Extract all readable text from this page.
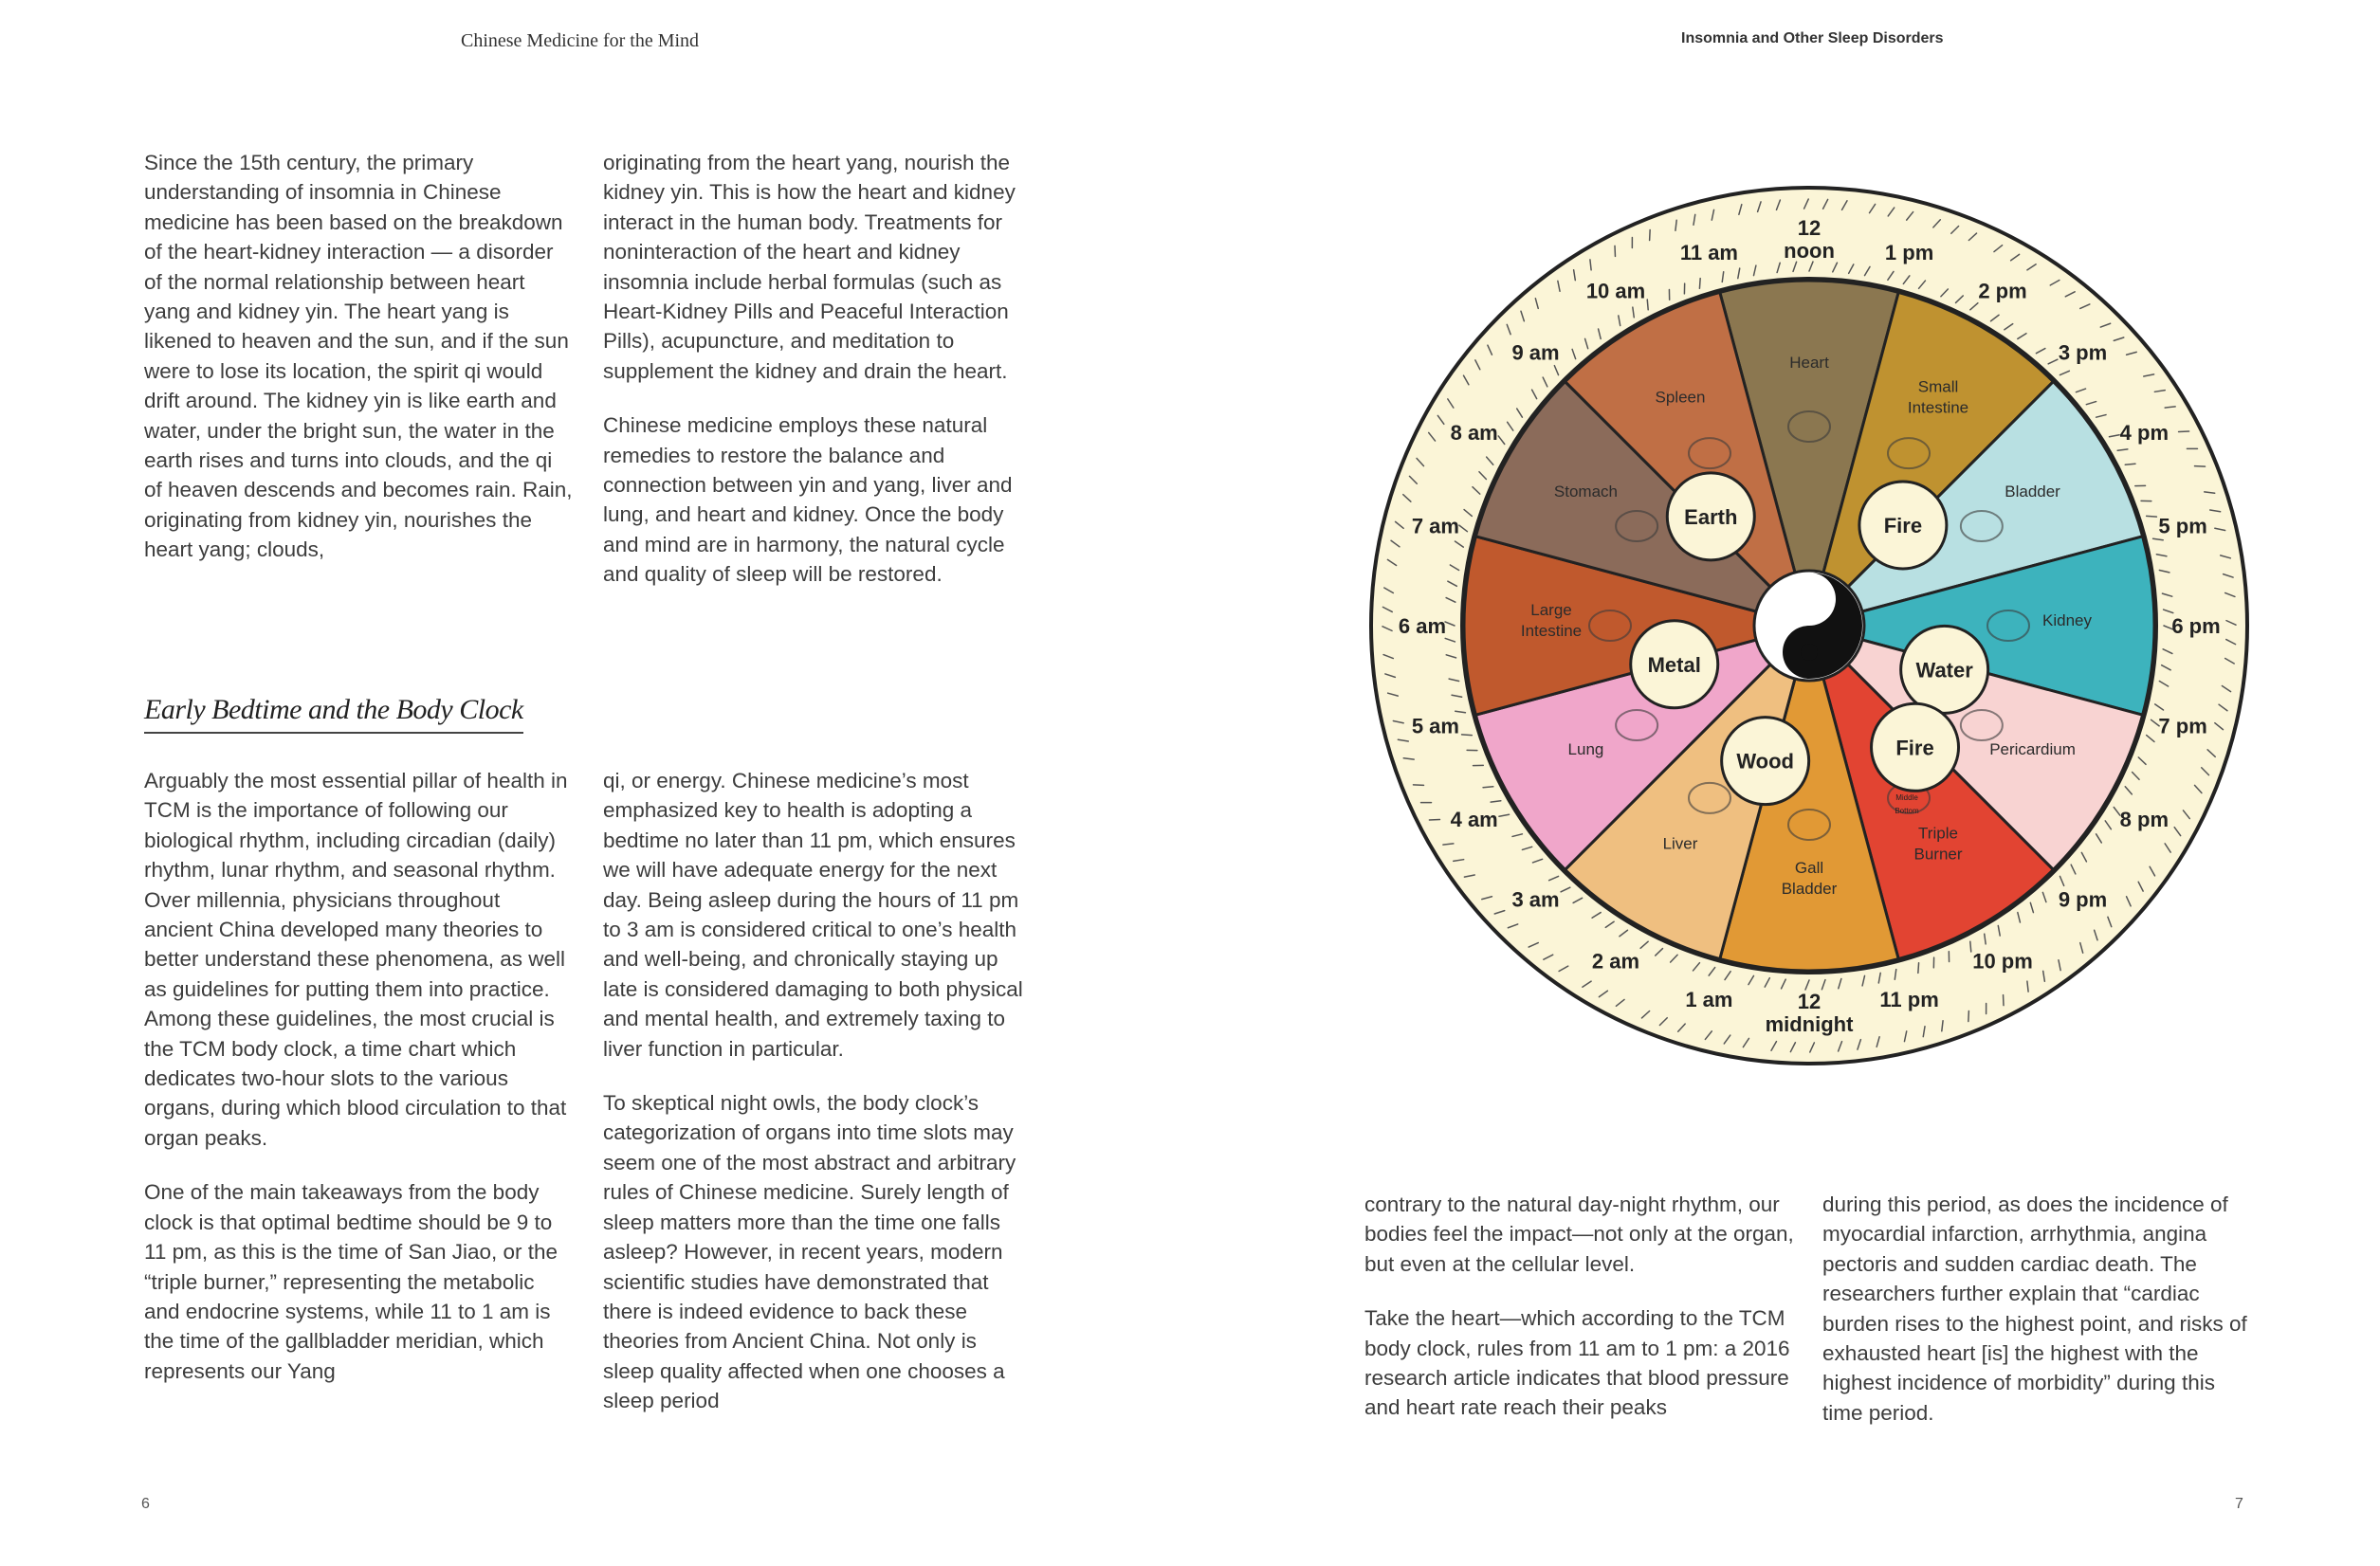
Chinese Medicine for the Mind

Since the 15th century, the primary understanding of insomnia in Chinese medicine has been based on the breakdown of the heart-kidney interaction — a disorder of the normal relationship between heart yang and kidney yin. The heart yang is likened to heaven and the sun, and if the sun were to lose its location, the spirit qi would drift around. The kidney yin is like earth and water, under the bright sun, the water in the earth rises and turns into clouds, and the qi of heaven descends and becomes rain. Rain, originating from kidney yin, nourishes the heart yang; clouds,

originating from the heart yang, nourish the kidney yin. This is how the heart and kidney interact in the human body. Treatments for noninteraction of the heart and kidney insomnia include herbal formulas (such as Heart-Kidney Pills and Peaceful Interaction Pills), acupuncture, and meditation to supplement the kidney and drain the heart.

Chinese medicine employs these natural remedies to restore the balance and connection between yin and yang, liver and lung, and heart and kidney. Once the body and mind are in harmony, the natural cycle and quality of sleep will be restored.

Early Bedtime and the Body Clock

Arguably the most essential pillar of health in TCM is the importance of following our biological rhythm, including circadian (daily) rhythm, lunar rhythm, and seasonal rhythm. Over millennia, physicians throughout ancient China developed many theories to better understand these phenomena, as well as guidelines for putting them into practice. Among these guidelines, the most crucial is the TCM body clock, a time chart which dedicates two-hour slots to the various organs, during which blood circulation to that organ peaks.

One of the main takeaways from the body clock is that optimal bedtime should be 9 to 11 pm, as this is the time of San Jiao, or the “triple burner,” representing the metabolic and endocrine systems, while 11 to 1 am is the time of the gallbladder meridian, which represents our Yang

qi, or energy. Chinese medicine’s most emphasized key to health is adopting a bedtime no later than 11 pm, which ensures we will have adequate energy for the next day. Being asleep during the hours of 11 pm to 3 am is considered critical to one’s health and well-being, and chronically staying up late is considered damaging to both physical and mental health, and extremely taxing to liver function in particular.

To skeptical night owls, the body clock’s categorization of organs into time slots may seem one of the most abstract and arbitrary rules of Chinese medicine. Surely length of sleep matters more than the time one falls asleep? However, in recent years, modern scientific studies have demonstrated that there is indeed evidence to back these theories from Ancient China. Not only is sleep quality affected when one chooses a sleep period

6
Insomnia and Other Sleep Disorders

contrary to the natural day-night rhythm, our bodies feel the impact—not only at the organ, but even at the cellular level.

Take the heart—which according to the TCM body clock, rules from 11 am to 1 pm: a 2016 research article indicates that blood pressure and heart rate reach their peaks

during this period, as does the incidence of myocardial infarction, arrhythmia, angina pectoris and sudden cardiac death. The researchers further explain that “cardiac burden rises to the highest point, and risks of exhausted heart [is] the highest with the highest incidence of morbidity” during this time period.

7
Heart
Small Intestine
Bladder
Kidney
Pericardium
Triple Burner
Middle
Bottom
Gall Bladder
Liver
Lung
Large Intestine
Stomach
Spleen
12 noon 1 pm
2 pm
3 pm
4 pm
5 pm
6 pm
7 pm
8 pm
9 pm
10 pm
11 pm
12 midnight
1 am
2 am
3 am
4 am
5 am
6 am
7 am
8 am
9 am
10 am
11 am
Fire
Water
Fire
Wood
Metal
Earth
